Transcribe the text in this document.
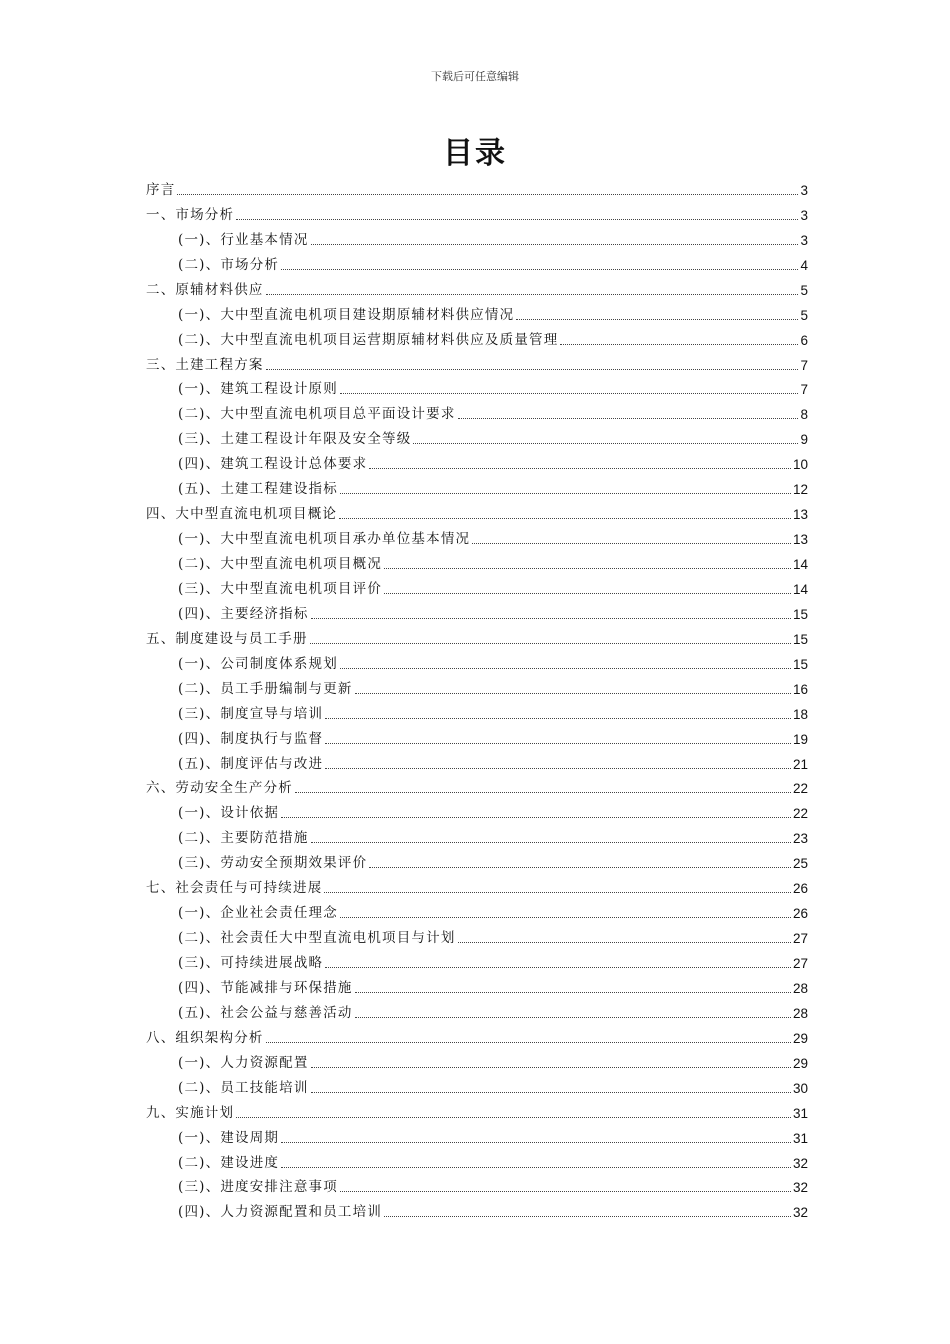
下载后可任意编辑
目录
序言	3
一、市场分析	3
(一)、行业基本情况	3
(二)、市场分析	4
二、原辅材料供应	5
(一)、大中型直流电机项目建设期原辅材料供应情况	5
(二)、大中型直流电机项目运营期原辅材料供应及质量管理	6
三、土建工程方案	7
(一)、建筑工程设计原则	7
(二)、大中型直流电机项目总平面设计要求	8
(三)、土建工程设计年限及安全等级	9
(四)、建筑工程设计总体要求	10
(五)、土建工程建设指标	12
四、大中型直流电机项目概论	13
(一)、大中型直流电机项目承办单位基本情况	13
(二)、大中型直流电机项目概况	14
(三)、大中型直流电机项目评价	14
(四)、主要经济指标	15
五、制度建设与员工手册	15
(一)、公司制度体系规划	15
(二)、员工手册编制与更新	16
(三)、制度宣导与培训	18
(四)、制度执行与监督	19
(五)、制度评估与改进	21
六、劳动安全生产分析	22
(一)、设计依据	22
(二)、主要防范措施	23
(三)、劳动安全预期效果评价	25
七、社会责任与可持续进展	26
(一)、企业社会责任理念	26
(二)、社会责任大中型直流电机项目与计划	27
(三)、可持续进展战略	27
(四)、节能减排与环保措施	28
(五)、社会公益与慈善活动	28
八、组织架构分析	29
(一)、人力资源配置	29
(二)、员工技能培训	30
九、实施计划	31
(一)、建设周期	31
(二)、建设进度	32
(三)、进度安排注意事项	32
(四)、人力资源配置和员工培训	32
